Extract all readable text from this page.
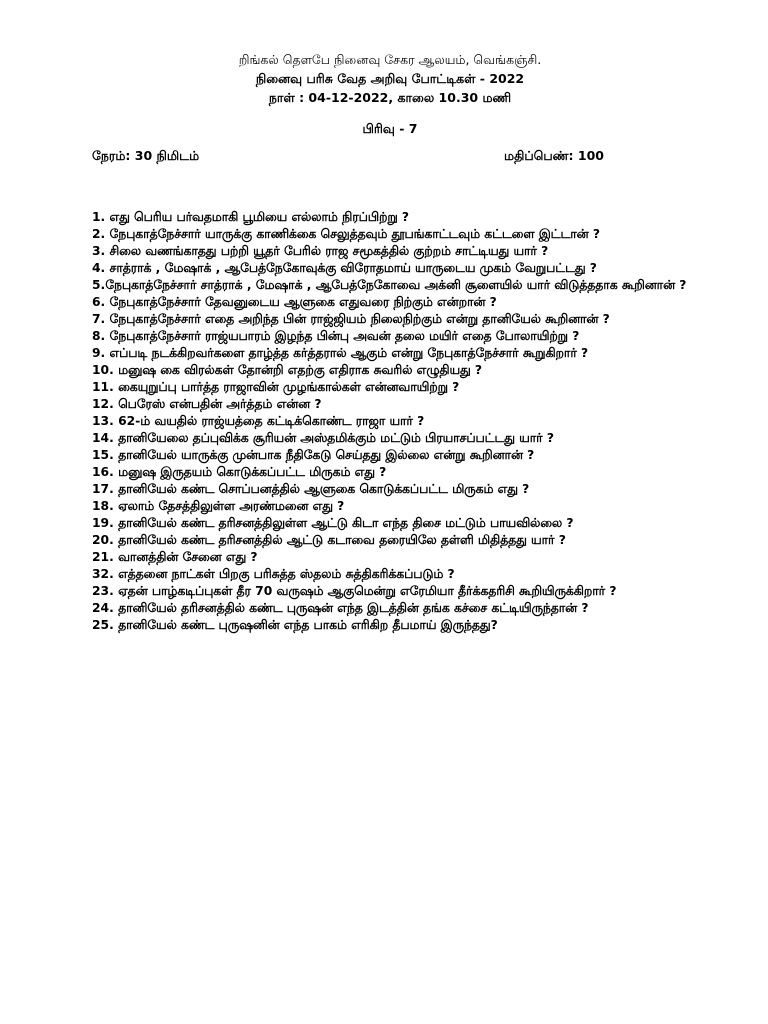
றிங்கல் தௌபே நினைவு சேகர ஆலயம், வெங்கஞ்சி.
நினைவு பரிசு வேத அறிவு போட்டிகள் - 2022
நாள் : 04-12-2022, காலை 10.30 மணி
பிரிவு - 7
நேரம்: 30 நிமிடம்	மதிப்பெண்: 100
1. எது பெரிய பர்வதமாகி பூமியை எல்லாம் நிரப்பிற்று ?
2. நேபுகாத்நேச்சார் யாருக்கு காணிக்கை செலுத்தவும் தூபங்காட்டவும் கட்டளை இட்டான் ?
3. சிலை வணங்காதது பற்றி யூதர் பேரில் ராஜ சமூகத்தில் குற்றம் சாட்டியது யார் ?
4. சாத்ராக் , மேஷாக் , ஆபேத்நேகோவுக்கு விரோதமாய் யாருடைய முகம் வேறுபட்டது ?
5.நேபுகாத்நேச்சார் சாத்ராக் , மேஷாக் , ஆபேத்நேகோவை அக்னி சூளையில் யார் விடுத்ததாக கூறினான் ?
6. நேபுகாத்நேச்சார் தேவனுடைய ஆளுகை எதுவரை நிற்கும் என்றான் ?
7. நேபுகாத்நேச்சார் எதை அறிந்த பின் ராஜ்ஜியம் நிலைநிற்கும் என்று தானியேல் கூறினான் ?
8. நேபுகாத்நேச்சார் ராஜ்யபாரம் இழந்த பின்பு அவன் தலை மயிர் எதை போலாயிற்று ?
9. எப்படி நடக்கிறவர்களை தாழ்த்த கர்த்தரால் ஆகும் என்று நேபுகாத்நேச்சார் கூறுகிறார் ?
10. மனுஷ கை விரல்கள் தோன்றி எதற்கு எதிராக சுவரில் எழுதியது ?
11. கையுறுப்பு பார்த்த ராஜாவின் முழங்கால்கள் என்னவாயிற்று ?
12. பெரேஸ் என்பதின் அர்த்தம் என்ன ?
13. 62-ம் வயதில் ராஜ்யத்தை கட்டிக்கொண்ட ராஜா யார் ?
14. தானியேலை தப்புவிக்க சூரியன் அஸ்தமிக்கும் மட்டும் பிரயாசப்பட்டது யார் ?
15. தானியேல் யாருக்கு முன்பாக நீதிகேடு செய்தது இல்லை என்று கூறினான் ?
16. மனுஷ இருதயம் கொடுக்கப்பட்ட மிருகம் எது ?
17. தானியேல் கண்ட சொப்பனத்தில் ஆளுகை கொடுக்கப்பட்ட மிருகம் எது ?
18. ஏலாம் தேசத்திலுள்ள அரண்மனை எது ?
19. தானியேல் கண்ட தரிசனத்திலுள்ள ஆட்டு கிடா எந்த திசை மட்டும் பாயவில்லை ?
20. தானியேல் கண்ட தரிசனத்தில் ஆட்டு கடாவை தரையிலே தள்ளி மிதித்தது யார் ?
21. வானத்தின் சேனை எது ?
32. எத்தனை நாட்கள் பிறகு பரிசுத்த ஸ்தலம் சுத்திகரிக்கப்படும் ?
23. ஏதன் பாழ்கடிப்புகள் தீர 70 வருஷம் ஆகுமென்று எரேமியா தீர்க்கதரிசி கூறியிருக்கிறார் ?
24. தானியேல் தரிசனத்தில் கண்ட புருஷன் எந்த இடத்தின் தங்க கச்சை கட்டியிருந்தான் ?
25. தானியேல் கண்ட புருஷனின் எந்த பாகம் எரிகிற தீபமாய் இருந்தது?
